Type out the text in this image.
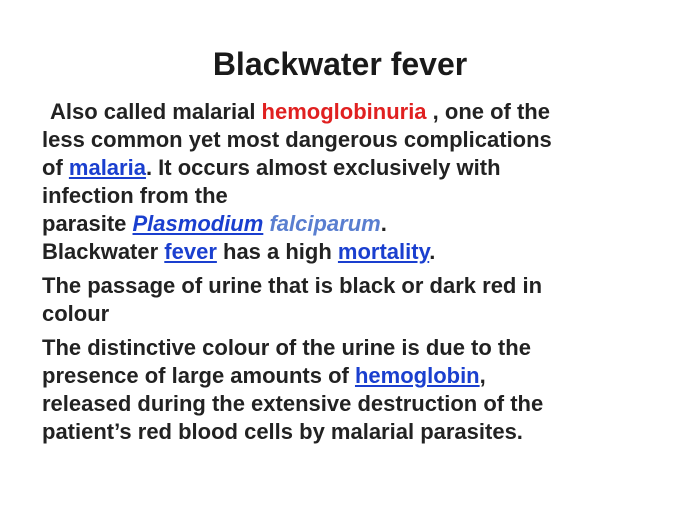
Blackwater fever

Also called malarial hemoglobinuria , one of the

less common yet most dangerous complications

of malaria. It occurs almost exclusively with

infection from the

parasite Plasmodium falciparum.

Blackwater fever has a high mortality.

The passage of urine that is black or dark red in

colour

The distinctive colour of the urine is due to the

presence of large amounts of hemoglobin,

released during the extensive destruction of the

patient’s red blood cells by malarial parasites.
